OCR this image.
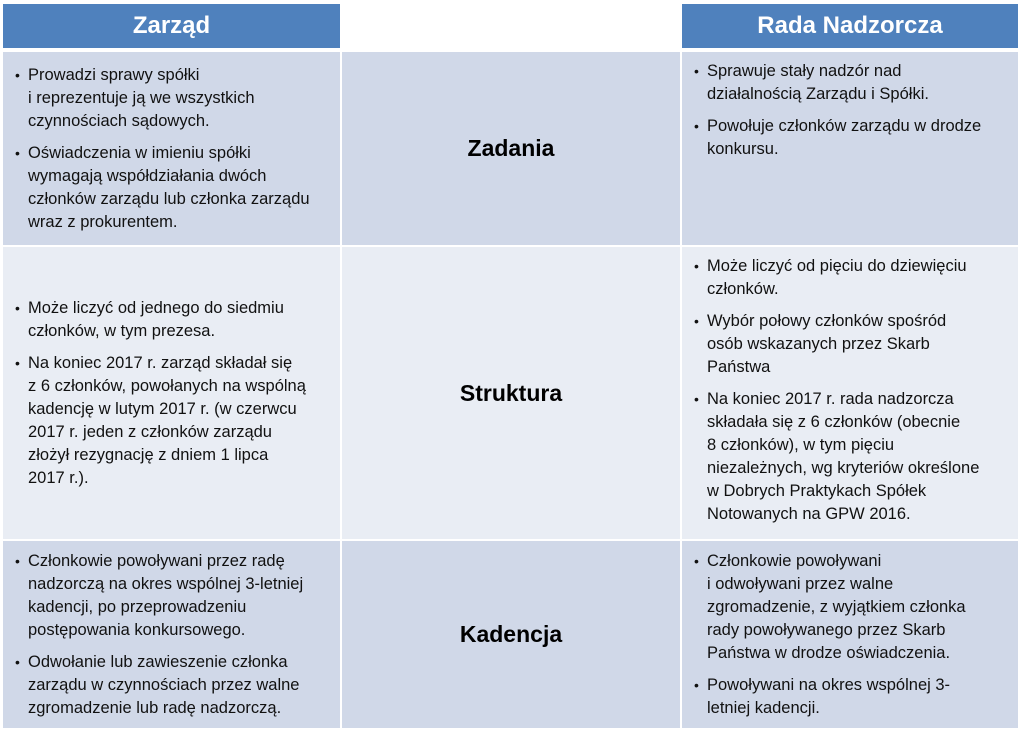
Zarząd	Rada Nadzorcza
• Prowadzi sprawy spółki
i reprezentuje ją we wszystkich
czynnościach sądowych.
• Oświadczenia w imieniu spółki
wymagają współdziałania dwóch
członków zarządu lub członka zarządu
wraz z prokurentem.
Zadania
• Sprawuje stały nadzór nad
działalnością Zarządu i Spółki.
• Powołuje członków zarządu w drodze
konkursu.
• Może liczyć od jednego do siedmiu
członków, w tym prezesa.
• Na koniec 2017 r. zarząd składał się
z 6 członków, powołanych na wspólną
kadencję w lutym 2017 r. (w czerwcu
2017 r. jeden z członków zarządu
złożył rezygnację z dniem 1 lipca
2017 r.).
Struktura
• Może liczyć od pięciu do dziewięciu
członków.
• Wybór połowy członków spośród
osób wskazanych przez Skarb
Państwa
• Na koniec 2017 r. rada nadzorcza
składała się z 6 członków (obecnie
8 członków), w tym pięciu
niezależnych, wg kryteriów określone
w Dobrych Praktykach Spółek
Notowanych na GPW 2016.
• Członkowie powoływani przez radę
nadzorczą na okres wspólnej 3-letniej
kadencji, po przeprowadzeniu
postępowania konkursowego.
• Odwołanie lub zawieszenie członka
zarządu w czynnościach przez walne
zgromadzenie lub radę nadzorczą.
Kadencja
• Członkowie powoływani
i odwoływani przez walne
zgromadzenie, z wyjątkiem członka
rady powoływanego przez Skarb
Państwa w drodze oświadczenia.
• Powoływani na okres wspólnej 3-
letniej kadencji.
